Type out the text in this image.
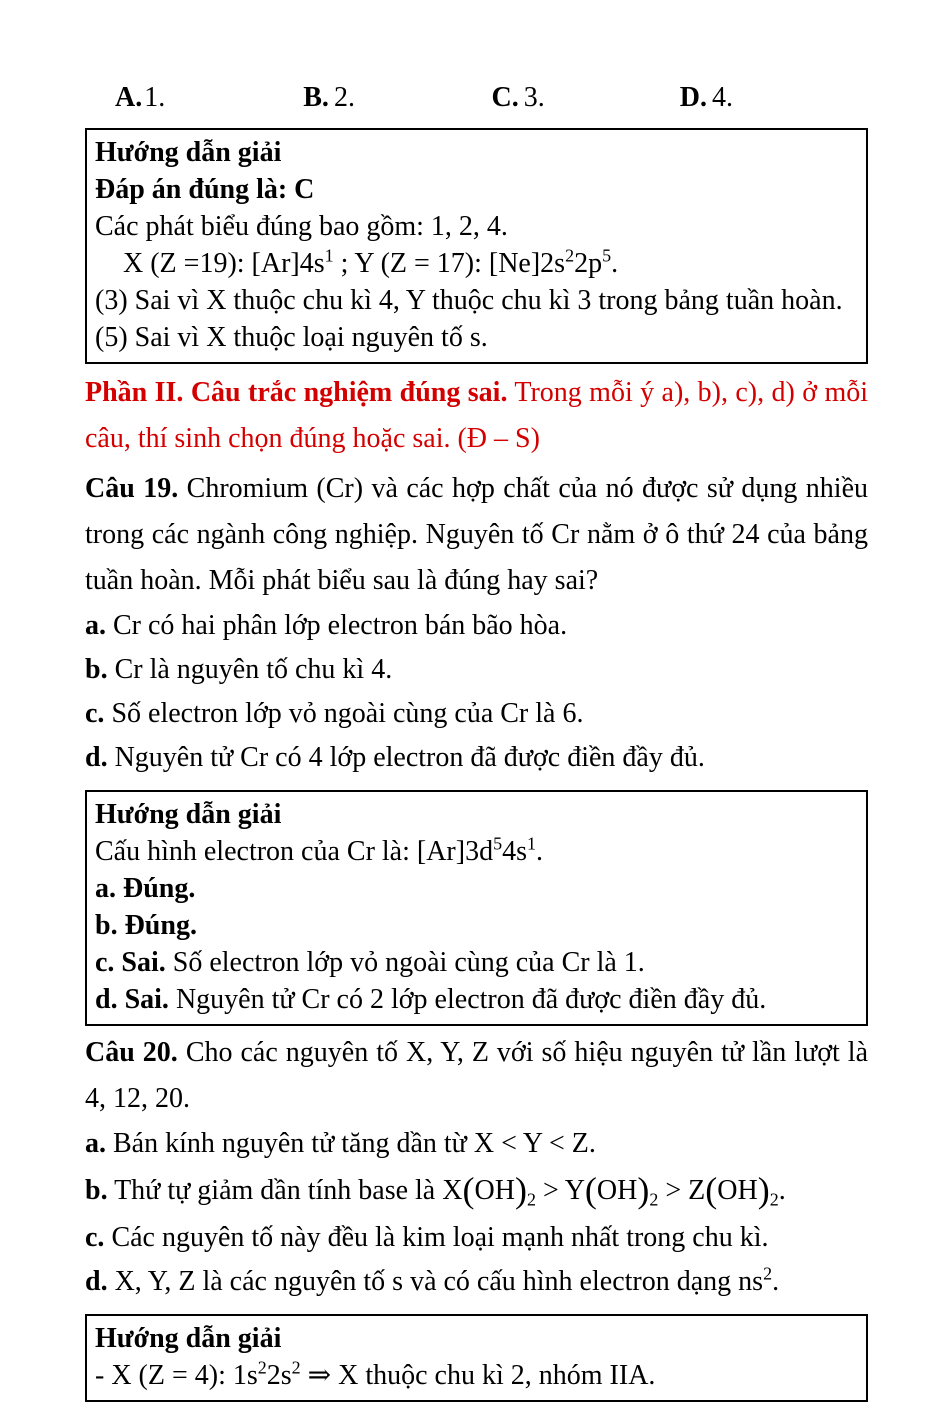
A.1.	B. 2.	C. 3.	D. 4.

Hướng dẫn giải

Đáp án đúng là: C

Các phát biểu đúng bao gồm: 1, 2, 4.

X (Z =19): $[Ar]4s^1$ ; Y (Z = 17): $[Ne]2s^22p^5$.

(3) Sai vì X thuộc chu kì 4, Y thuộc chu kì 3 trong bảng tuần hoàn.

(5) Sai vì X thuộc loại nguyên tố s.

Phần II. Câu trắc nghiệm đúng sai. Trong mỗi ý a), b), c), d) ở mỗi câu, thí sinh chọn đúng hoặc sai. (Đ – S)

Câu 19. Chromium (Cr) và các hợp chất của nó được sử dụng nhiều trong các ngành công nghiệp. Nguyên tố Cr nằm ở ô thứ 24 của bảng tuần hoàn. Mỗi phát biểu sau là đúng hay sai?

a. Cr có hai phân lớp electron bán bão hòa.

b. Cr là nguyên tố chu kì 4.

c. Số electron lớp vỏ ngoài cùng của Cr là 6.

d. Nguyên tử Cr có 4 lớp electron đã được điền đầy đủ.

Hướng dẫn giải

Cấu hình electron của Cr là: $[Ar]3d^54s^1$.

a. Đúng.

b. Đúng.

c. Sai. Số electron lớp vỏ ngoài cùng của Cr là 1.

d. Sai. Nguyên tử Cr có 2 lớp electron đã được điền đầy đủ.

Câu 20. Cho các nguyên tố X, Y, Z với số hiệu nguyên tử lần lượt là 4, 12, 20.

a. Bán kính nguyên tử tăng dần từ X < Y < Z.

b. Thứ tự giảm dần tính base là $X(OH)_2 > Y(OH)_2 > Z(OH)_2$.

c. Các nguyên tố này đều là kim loại mạnh nhất trong chu kì.

d. X, Y, Z là các nguyên tố s và có cấu hình electron dạng $ns^2$.

Hướng dẫn giải

- X (Z = 4): $1s^22s^2$ ⇒ X thuộc chu kì 2, nhóm IIA.
